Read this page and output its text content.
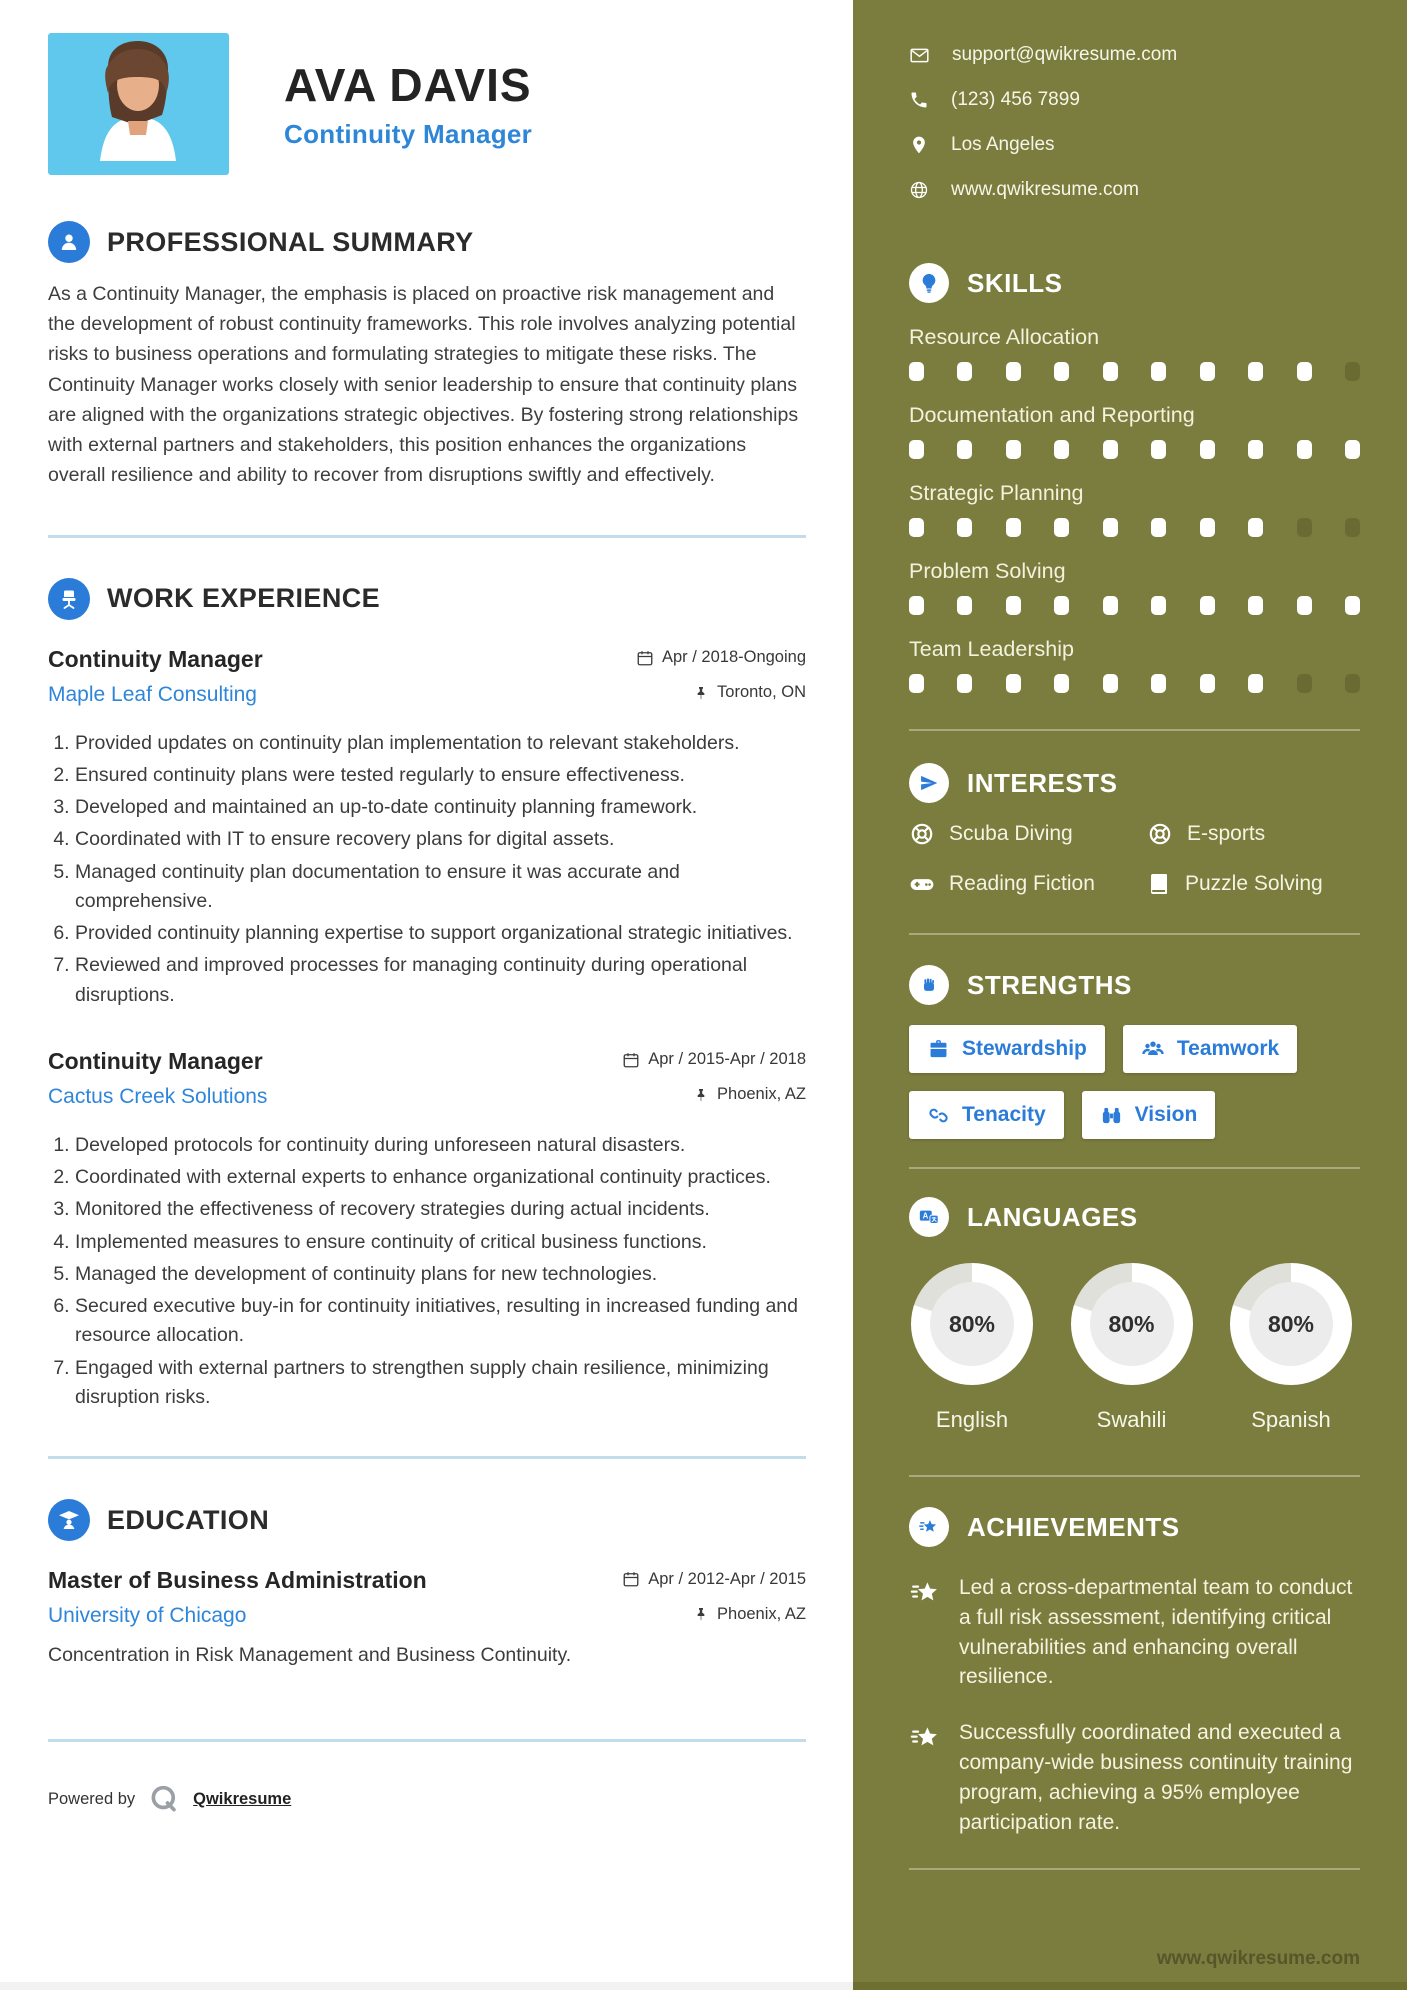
AVA DAVIS
Continuity Manager
PROFESSIONAL SUMMARY

As a Continuity Manager, the emphasis is placed on proactive risk management and the development of robust continuity frameworks. This role involves analyzing potential risks to business operations and formulating strategies to mitigate these risks. The Continuity Manager works closely with senior leadership to ensure that continuity plans are aligned with the organizations strategic objectives. By fostering strong relationships with external partners and stakeholders, this position enhances the organizations overall resilience and ability to recover from disruptions swiftly and effectively.

WORK EXPERIENCE
Continuity Manager	Apr / 2018-Ongoing
Maple Leaf Consulting	Toronto, ON
1. Provided updates on continuity plan implementation to relevant stakeholders.
2. Ensured continuity plans were tested regularly to ensure effectiveness.
3. Developed and maintained an up-to-date continuity planning framework.
4. Coordinated with IT to ensure recovery plans for digital assets.
5. Managed continuity plan documentation to ensure it was accurate and comprehensive.
6. Provided continuity planning expertise to support organizational strategic initiatives.
7. Reviewed and improved processes for managing continuity during operational disruptions.
Continuity Manager	Apr / 2015-Apr / 2018
Cactus Creek Solutions	Phoenix, AZ
1. Developed protocols for continuity during unforeseen natural disasters.
2. Coordinated with external experts to enhance organizational continuity practices.
3. Monitored the effectiveness of recovery strategies during actual incidents.
4. Implemented measures to ensure continuity of critical business functions.
5. Managed the development of continuity plans for new technologies.
6. Secured executive buy-in for continuity initiatives, resulting in increased funding and resource allocation.
7. Engaged with external partners to strengthen supply chain resilience, minimizing disruption risks.
EDUCATION
Master of Business Administration	Apr / 2012-Apr / 2015
University of Chicago	Phoenix, AZ
Concentration in Risk Management and Business Continuity.
Powered by	Qwikresume
support@qwikresume.com
(123) 456 7899
Los Angeles
www.qwikresume.com
SKILLS
Resource Allocation
Documentation and Reporting
Strategic Planning
Problem Solving
Team Leadership
INTERESTS
Scuba Diving	E-sports
Reading Fiction	Puzzle Solving
STRENGTHS
Stewardship	Teamwork
Tenacity	Vision
A LANGUAGES
80%
English
80%
Swahili
80%
Spanish
ACHIEVEMENTS
Led a cross-departmental team to conduct a full risk assessment, identifying critical vulnerabilities and enhancing overall resilience.
Successfully coordinated and executed a company-wide business continuity training program, achieving a 95% employee participation rate.
www.qwikresume.com
